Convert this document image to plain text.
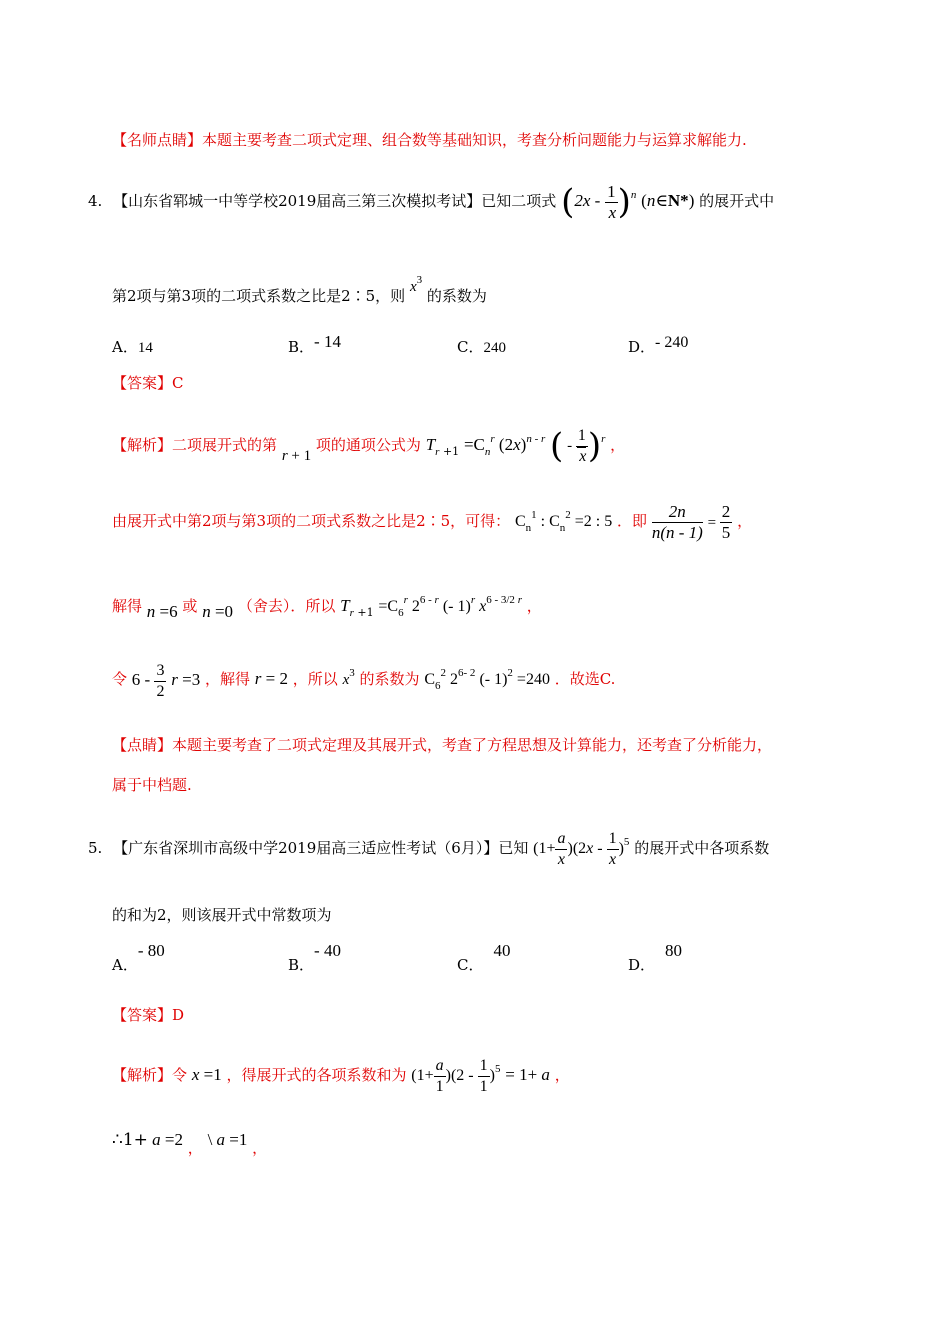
【名师点睛】本题主要考查二项式定理、组合数等基础知识，考查分析问题能力与运算求解能力.
4. 【山东省郓城一中等学校2019届高三第三次模拟考试】已知二项式 $(2x - \frac{1}{x} )^n$ (n∈N*) 的展开式中
第2项与第3项的二项式系数之比是2∶5，则 $x^3$ 的系数为
A．14	B．- 14	C．240	D．- 240
【答案】C
【解析】二项展开式的第 r + 1 项的通项公式为 $T_{r +1} =C_n^r$ $(2x)^{n - r}$ ( - $\frac{1}{x} )^r$ ，
由展开式中第2项与第3项的二项式系数之比是2∶5，可得： $C_n^1$ : $C_n^2 =2$ : 5 ．即 $\frac{2n}{n(n - 1)} = \frac{2}{5}$ ，
解得 n =6 或 n =0 （舍去）．所以 $T_{r +1} =C_6^r$ 2$^{6 - r}$ (- 1)$^r$ $x^{6 - 3/2 r}$ ，
令 $6 - \frac{3}{2}$ r =3 ，解得 r = 2 ，所以 $x^3$ 的系数为 $C_6^2$ 2$^{6- 2}$ (- 1)$^2$ =240 ．故选C.
【点睛】本题主要考查了二项式定理及其展开式，考查了方程思想及计算能力，还考查了分析能力，
属于中档题.
5. 【广东省深圳市高级中学2019届高三适应性考试（6月）】已知 $(1+ \frac{a}{x} )(2x - \frac{1}{x} )^5$ 的展开式中各项系数
的和为2，则该展开式中常数项为
A．- 80
B．- 40
C．40
D．80
【答案】D
【解析】令 x =1 ，得展开式的各项系数和为 $(1+ \frac{a}{1} )(2 - \frac{1}{1} )^5 = 1+ a$ ，
∴1+ a =2 ， \ a =1 ，
